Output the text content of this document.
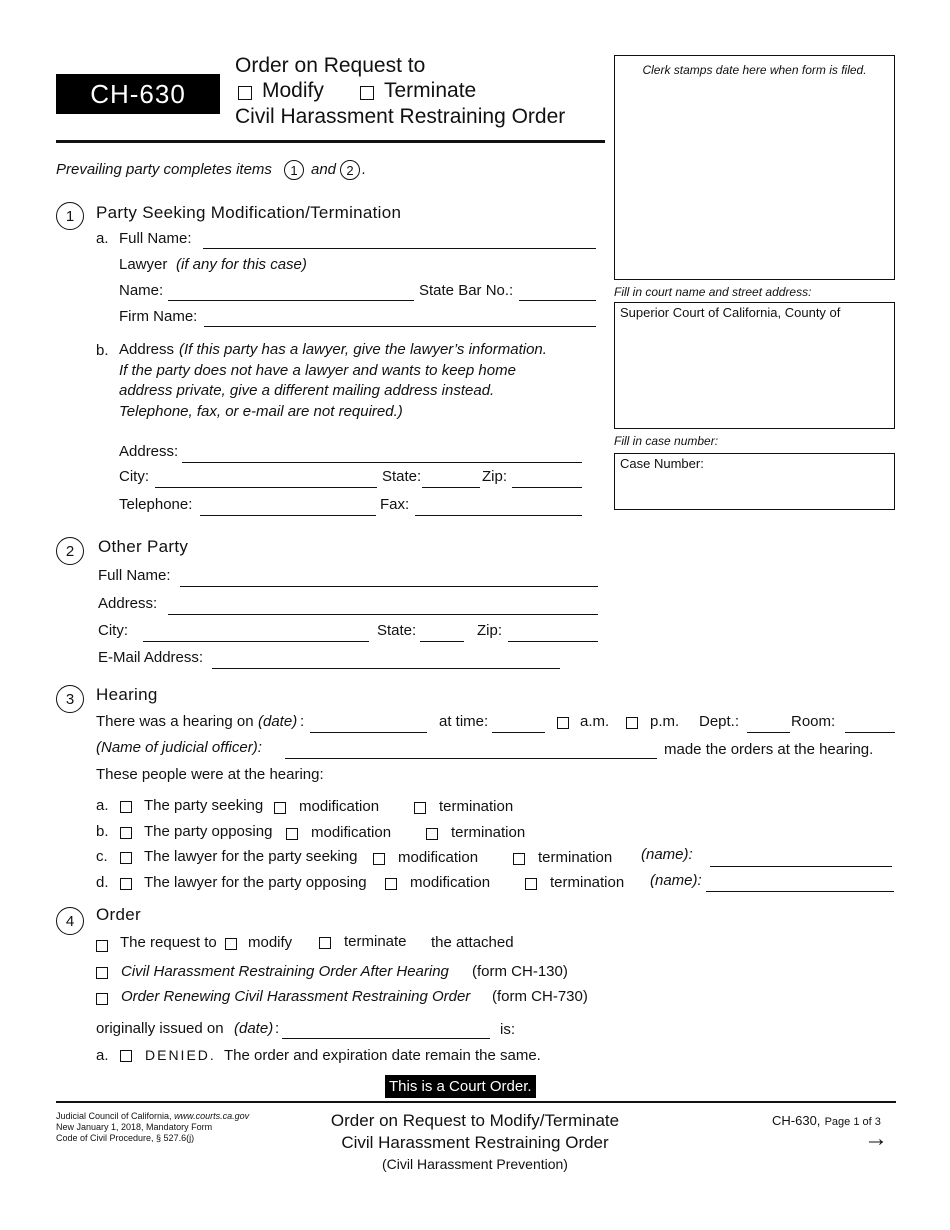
CH-630
Order on Request to
Modify	Terminate
Civil Harassment Restraining Order
Clerk stamps date here when form is filed.
Fill in court name and street address:
Superior Court of California, County of
Fill in case number:
Case Number:
Prevailing party completes items	1 and 2 .
1	Party Seeking Modification/Termination
a. Full Name:
Lawyer (if any for this case)
Name:	State Bar No.:
Firm Name:
b. Address (If this party has a lawyer, give the lawyer’s information.
If the party does not have a lawyer and wants to keep home
address private, give a different mailing address instead.
Telephone, fax, or e-mail are not required.)
Address:
City:	State:	Zip:
Telephone:	Fax:
2	Other Party
Full Name:
Address:
City:	State:	Zip:
E-Mail Address:
3	Hearing
There was a hearing on (date) :	at time:	a.m.	p.m. Dept.:	Room:
(Name of judicial officer):	made the orders at the hearing.
These people were at the hearing:
a. The party seeking modification	termination
b. The party opposing	modification	termination
c. The lawyer for the party seeking	modification	termination (name):
d. The lawyer for the party opposing	modification	termination (name):
4	Order
The request to modify	terminate the attached
Civil Harassment Restraining Order After Hearing (form CH-130)
Order Renewing Civil Harassment Restraining Order (form CH-730)
originally issued on (date) :	is:
a.	DENIED. The order and expiration date remain the same.
This is a Court Order.
Judicial Council of California, www.courts.ca.gov
New January 1, 2018, Mandatory Form
Code of Civil Procedure, § 527.6(j)
Order on Request to Modify/Terminate
Civil Harassment Restraining Order
(Civil Harassment Prevention)
CH-630, Page 1 of 3
→
